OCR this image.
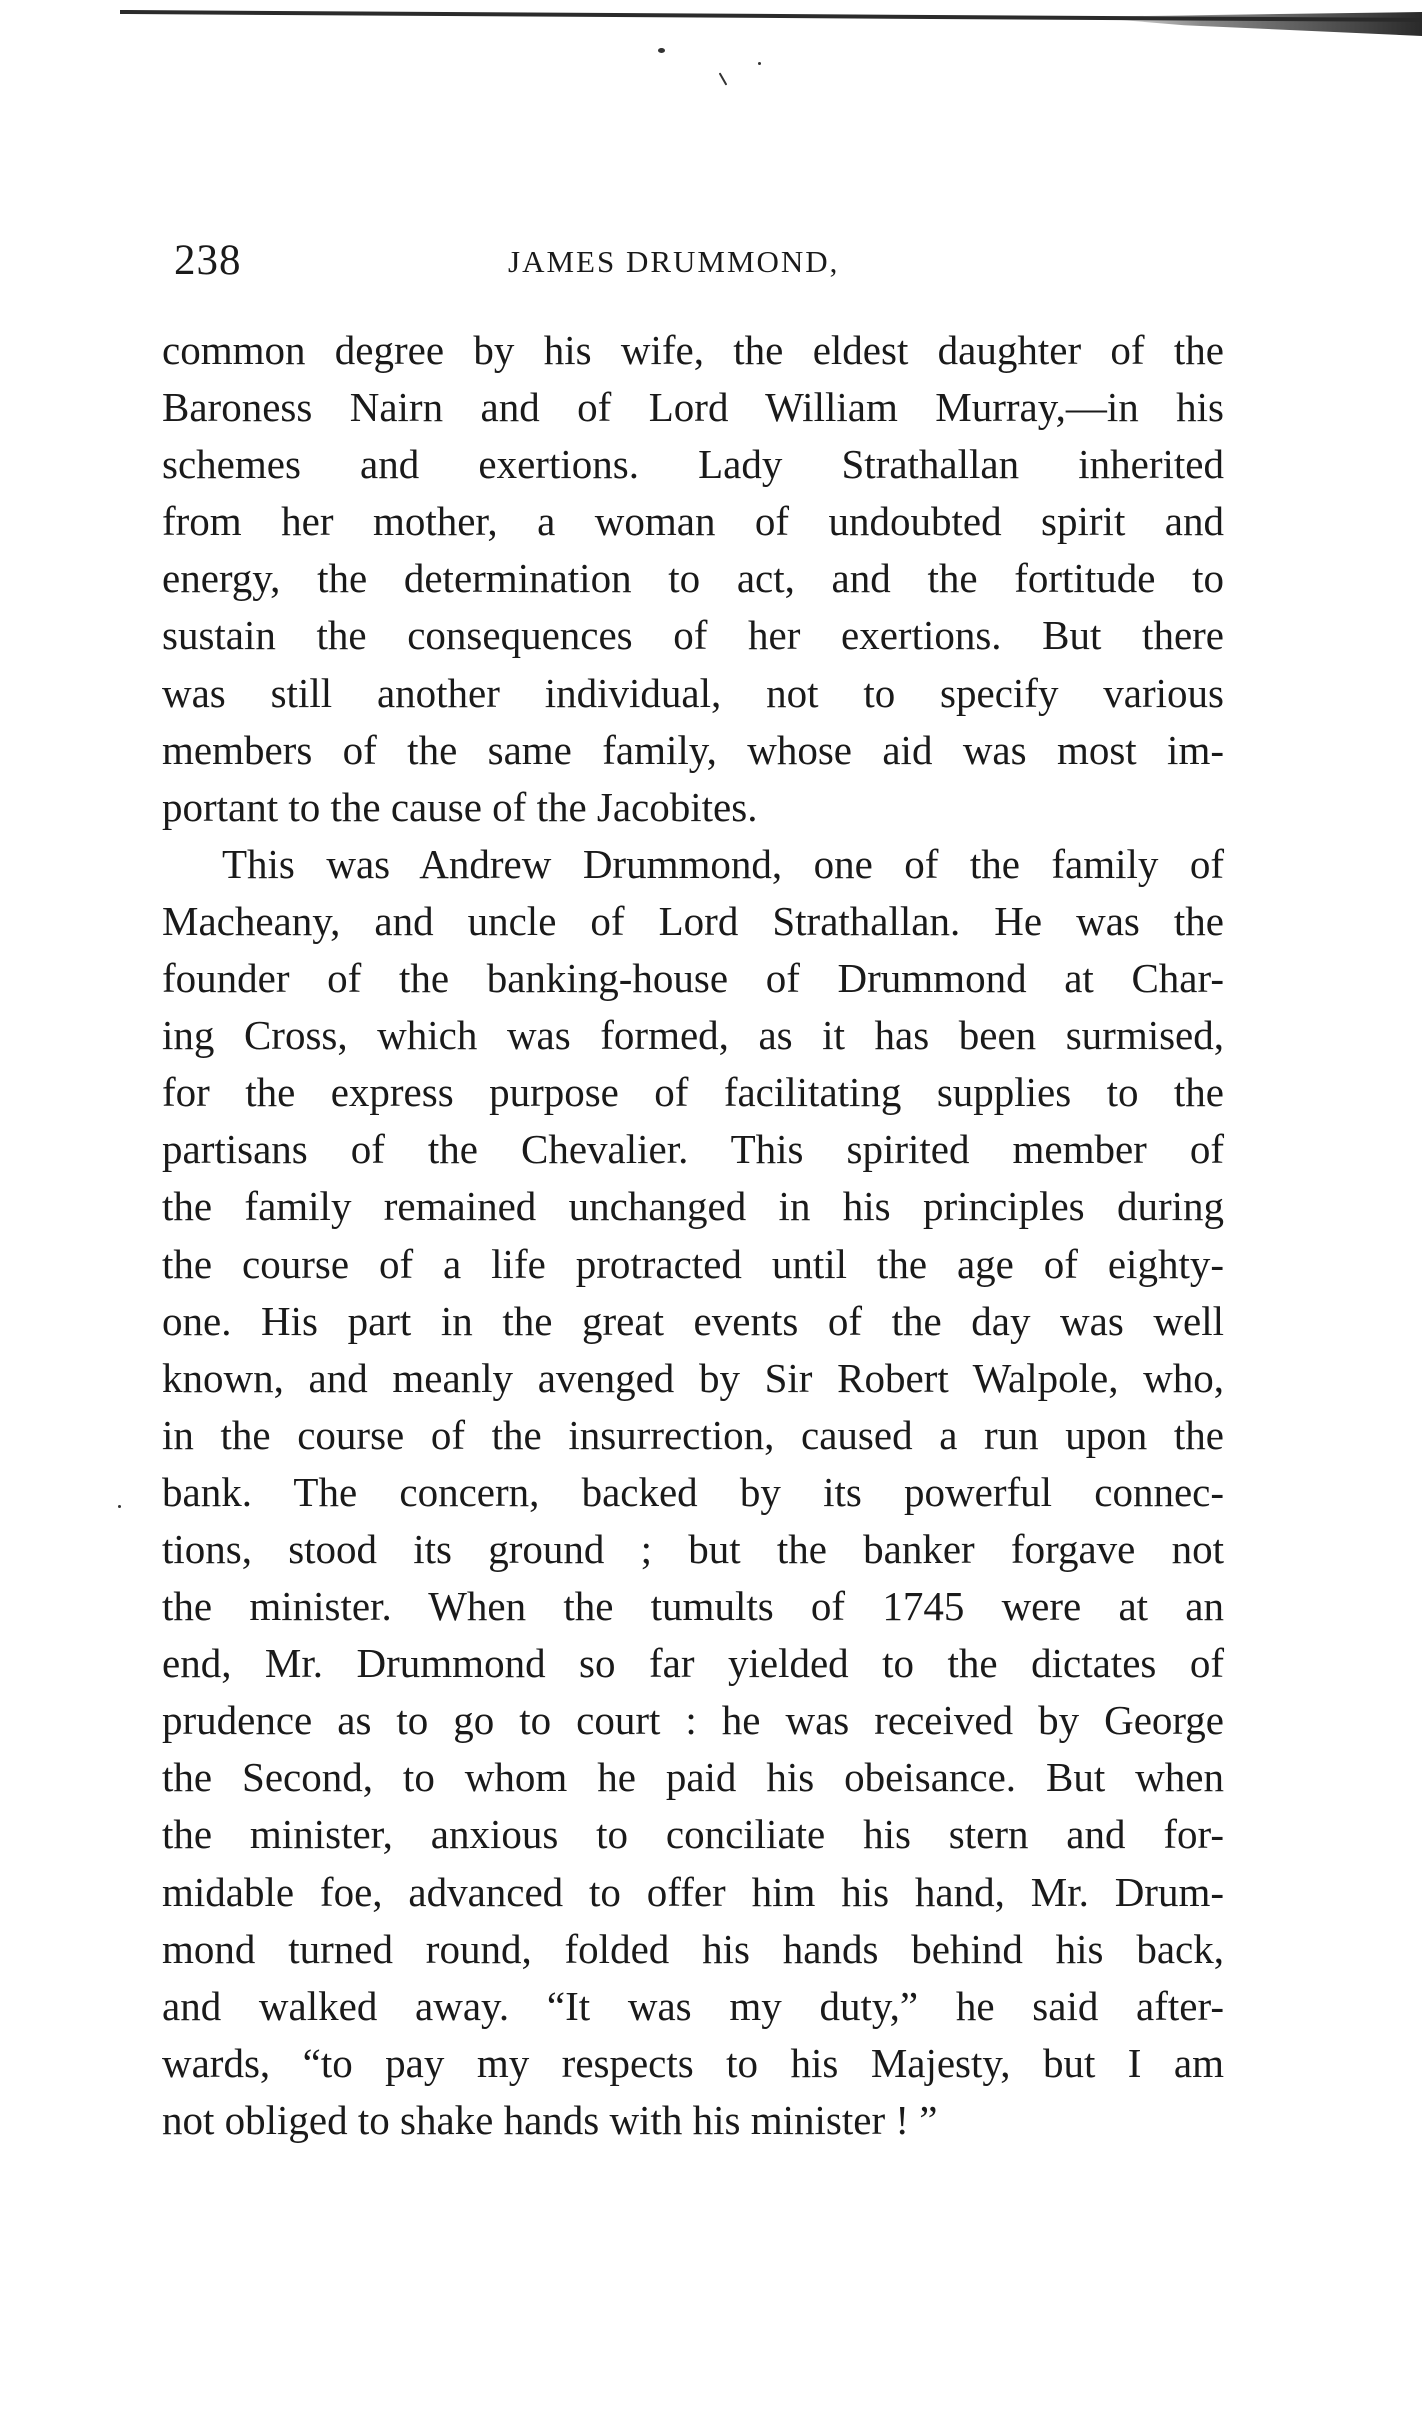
238	JAMES DRUMMOND,
common degree by his wife, the eldest daughter of the
Baroness Nairn and of Lord William Murray,—in his
schemes and exertions. Lady Strathallan inherited
from her mother, a woman of undoubted spirit and
energy, the determination to act, and the fortitude to
sustain the consequences of her exertions. But there
was still another individual, not to specify various
members of the same family, whose aid was most im-
portant to the cause of the Jacobites.
This was Andrew Drummond, one of the family of
Macheany, and uncle of Lord Strathallan. He was the
founder of the banking-house of Drummond at Char-
ing Cross, which was formed, as it has been surmised,
for the express purpose of facilitating supplies to the
partisans of the Chevalier. This spirited member of
the family remained unchanged in his principles during
the course of a life protracted until the age of eighty-
one. His part in the great events of the day was well
known, and meanly avenged by Sir Robert Walpole, who,
in the course of the insurrection, caused a run upon the
bank. The concern, backed by its powerful connec-
tions, stood its ground ; but the banker forgave not
the minister. When the tumults of 1745 were at an
end, Mr. Drummond so far yielded to the dictates of
prudence as to go to court : he was received by George
the Second, to whom he paid his obeisance. But when
the minister, anxious to conciliate his stern and for-
midable foe, advanced to offer him his hand, Mr. Drum-
mond turned round, folded his hands behind his back,
and walked away. “It was my duty,” he said after-
wards, “to pay my respects to his Majesty, but I am
not obliged to shake hands with his minister ! ”
